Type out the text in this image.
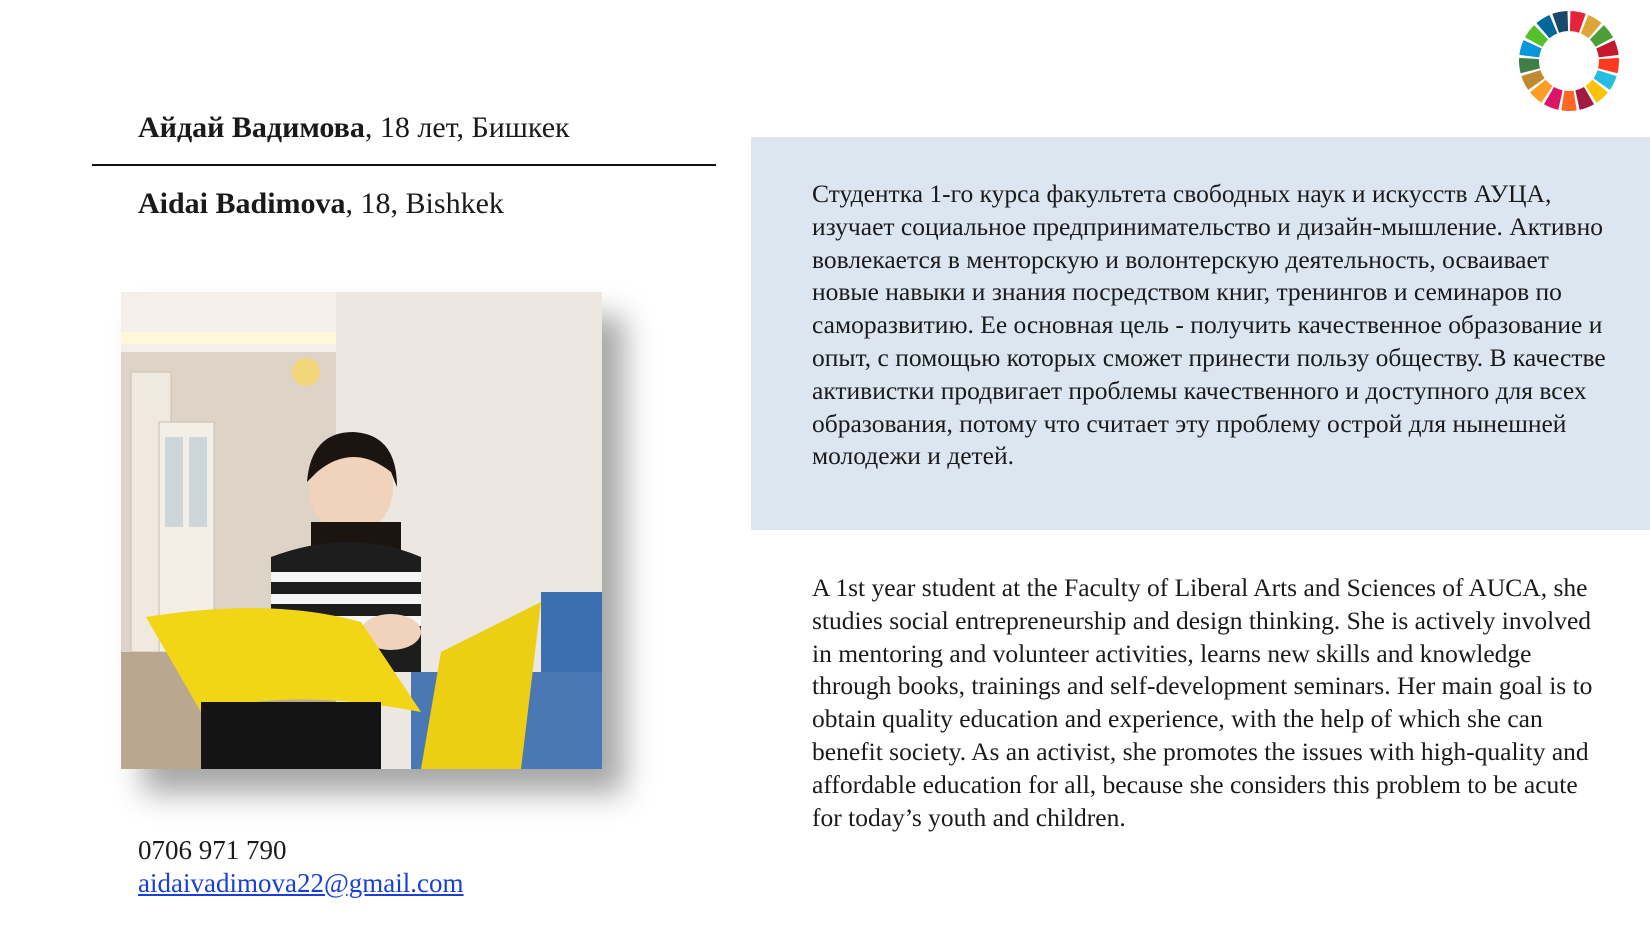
Айдай Вадимова, 18 лет, Бишкек
Aidai Badimova, 18, Bishkek
0706 971 790
aidaivadimova22@gmail.com
Студентка 1-го курса факультета свободных наук и искусств АУЦА, изучает социальное предпринимательство и дизайн-мышление. Активно вовлекается в менторскую и волонтерскую деятельность, осваивает новые навыки и знания посредством книг, тренингов и семинаров по саморазвитию. Ее основная цель - получить качественное образование и опыт, с помощью которых сможет принести пользу обществу. В качестве активистки продвигает проблемы качественного и доступного для всех образования, потому что считает эту проблему острой для нынешней молодежи и детей.
A 1st year student at the Faculty of Liberal Arts and Sciences of AUCA, she studies social entrepreneurship and design thinking. She is actively involved in mentoring and volunteer activities, learns new skills and knowledge through books, trainings and self-development seminars. Her main goal is to obtain quality education and experience, with the help of which she can benefit society. As an activist, she promotes the issues with high-quality and affordable education for all, because she considers this problem to be acute for today’s youth and children.
